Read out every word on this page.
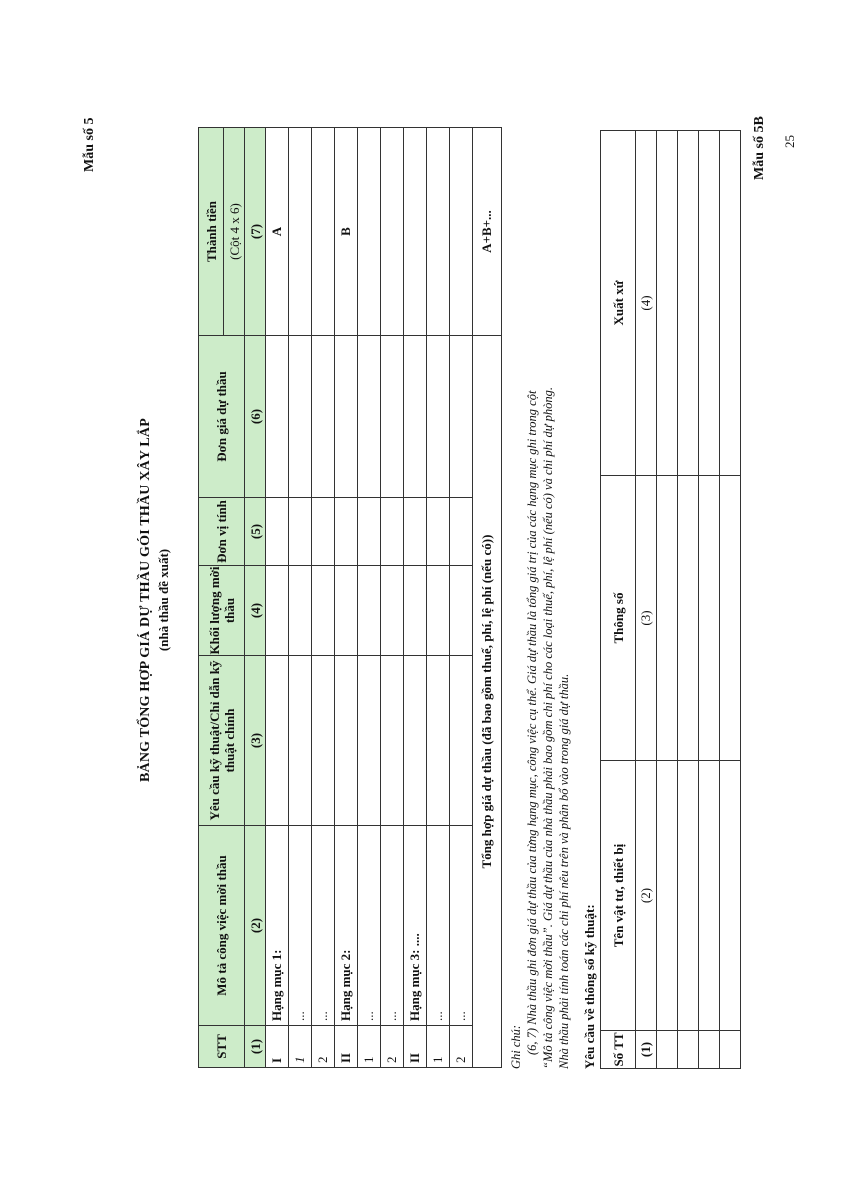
Mẫu số 5
BẢNG TỔNG HỢP GIÁ DỰ THẦU GÓI THẦU XÂY LẮP (nhà thầu đề xuất)
STT	Mô tả công việc mời thầu	Yêu cầu kỹ thuật/Chỉ dẫn kỹ thuật chính	Khối lượng mời thầu	Đơn vị tính	Đơn giá dự thầu	Thành tiền
						(Cột 4 x 6)
(1)	(2)	(3)	(4)	(5)	(6)	(7)
I	Hạng mục 1:					A
1	...					
2	...					
II	Hạng mục 2:					B
1	...					
2	...					
II	Hạng mục 3: ....					
1	...					
2	...					
Tổng hợp giá dự thầu (đã bao gồm thuế, phí, lệ phí (nếu có))						A+B+...
Ghi chú: (6, 7) Nhà thầu ghi đơn giá dự thầu của từng hạng mục, công việc cụ thể. Giá dự thầu là tổng giá trị của các hạng mục ghi trong cột “Mô tả công việc mời thầu”. Giá dự thầu của nhà thầu phải bao gồm chi phí cho các loại thuế, phí, lệ phí (nếu có) và chi phí dự phòng. Nhà thầu phải tính toán các chi phí nêu trên và phân bổ vào trong giá dự thầu. Yêu cầu về thông số kỹ thuật: Số TT	Tên vật tư, thiết bị	Thông số	Xuất xứ
(1)	(2)	(3)	(4)

Mẫu số 5B 25
